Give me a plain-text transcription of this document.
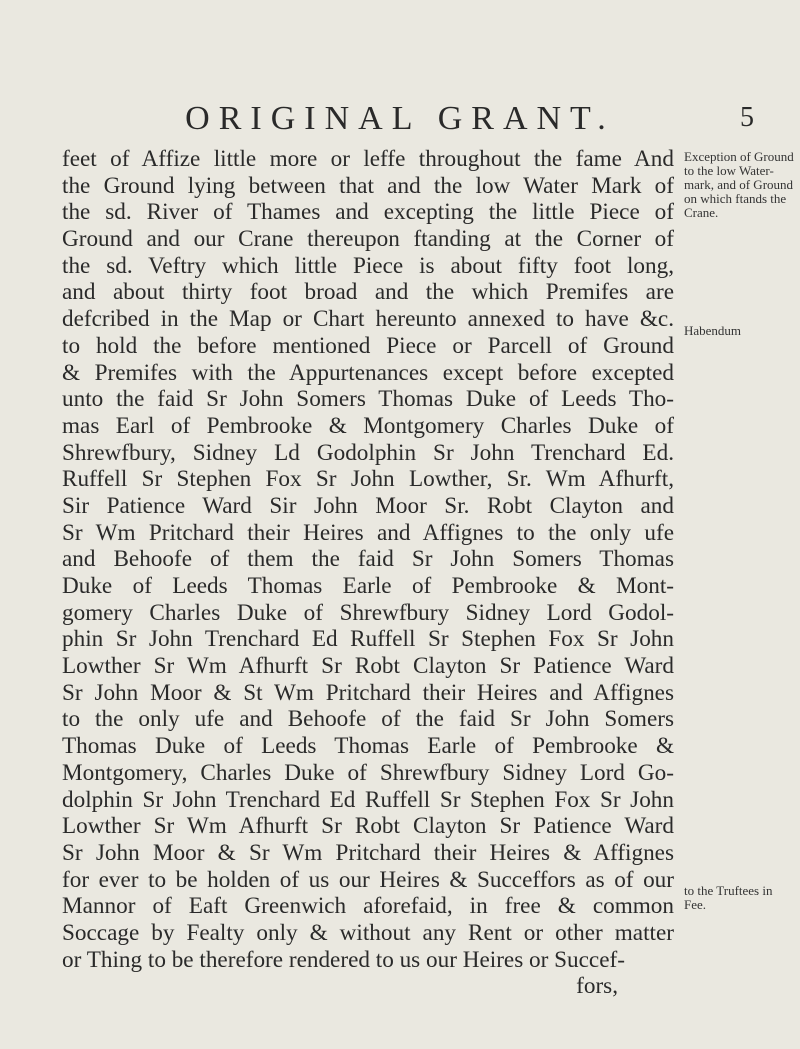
ORIGINAL GRANT.	5
feet of Affize little more or leffe throughout the fame And
the Ground lying between that and the low Water Mark of
the sd. River of Thames and excepting the little Piece of
Ground and our Crane thereupon ftanding at the Corner of
the sd. Veftry which little Piece is about fifty foot long,
and about thirty foot broad and the which Premifes are
defcribed in the Map or Chart hereunto annexed to have &c.
to hold the before mentioned Piece or Parcell of Ground
& Premifes with the Appurtenances except before excepted
unto the faid Sr John Somers Thomas Duke of Leeds Tho-
mas Earl of Pembrooke & Montgomery Charles Duke of
Shrewfbury, Sidney Ld Godolphin Sr John Trenchard Ed.
Ruffell Sr Stephen Fox Sr John Lowther, Sr. Wm Afhurft,
Sir Patience Ward Sir John Moor Sr. Robt Clayton and
Sr Wm Pritchard their Heires and Affignes to the only ufe
and Behoofe of them the faid Sr John Somers Thomas
Duke of Leeds Thomas Earle of Pembrooke & Mont-
gomery Charles Duke of Shrewfbury Sidney Lord Godol-
phin Sr John Trenchard Ed Ruffell Sr Stephen Fox Sr John
Lowther Sr Wm Afhurft Sr Robt Clayton Sr Patience Ward
Sr John Moor & St Wm Pritchard their Heires and Affignes
to the only ufe and Behoofe of the faid Sr John Somers
Thomas Duke of Leeds Thomas Earle of Pembrooke &
Montgomery, Charles Duke of Shrewfbury Sidney Lord Go-
dolphin Sr John Trenchard Ed Ruffell Sr Stephen Fox Sr John
Lowther Sr Wm Afhurft Sr Robt Clayton Sr Patience Ward
Sr John Moor & Sr Wm Pritchard their Heires & Affignes
for ever to be holden of us our Heires & Succeffors as of our
Mannor of Eaft Greenwich aforefaid, in free & common
Soccage by Fealty only & without any Rent or other matter
or Thing to be therefore rendered to us our Heires or Succef-
fors,
Exception of Ground to the low Water-mark, and of Ground on which ftands the Crane.
Habendum
to the Truftees in Fee.
